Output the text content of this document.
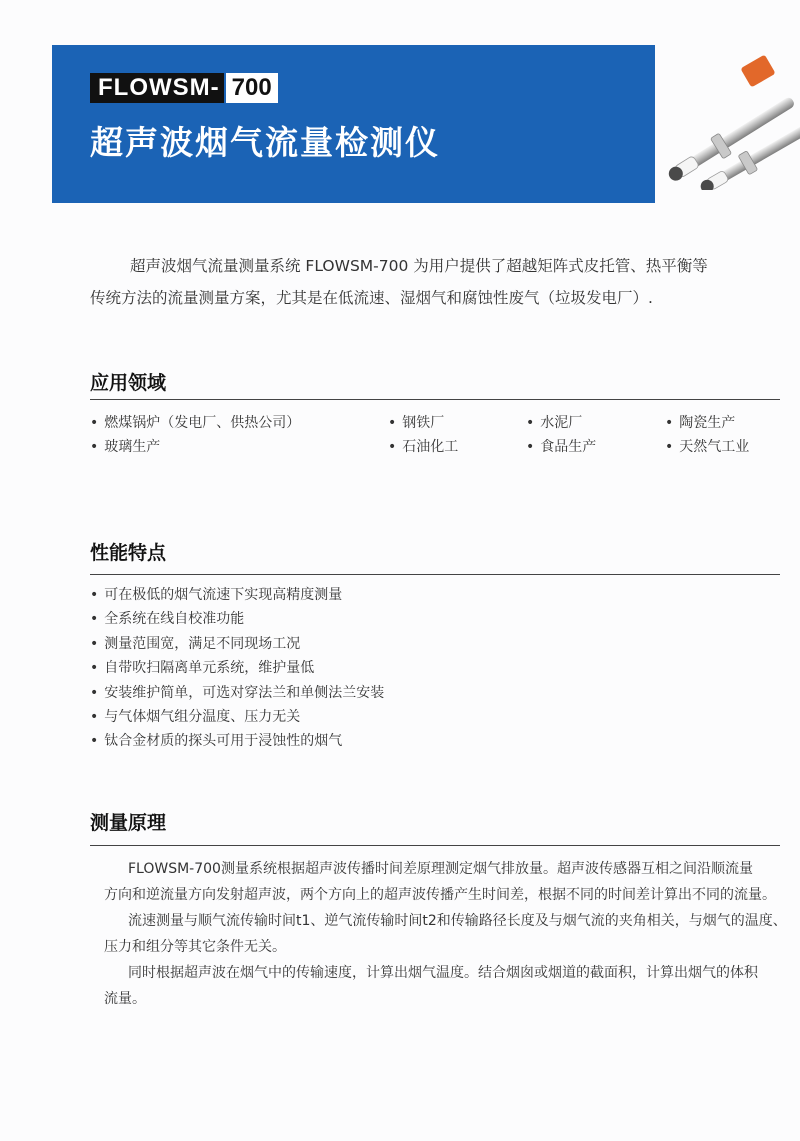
FLOWSM- 700
超声波烟气流量检测仪

超声波烟气流量测量系统 FLOWSM-700 为用户提供了超越矩阵式皮托管、热平衡等

传统方法的流量测量方案，尤其是在低流速、湿烟气和腐蚀性废气（垃圾发电厂）.

应用领域
• 燃煤锅炉（发电厂、供热公司）	• 钢铁厂	• 水泥厂	• 陶瓷生产
• 玻璃生产	• 石油化工	• 食品生产	• 天然气工业
性能特点
• 可在极低的烟气流速下实现高精度测量
• 全系统在线自校准功能
• 测量范围宽，满足不同现场工况
• 自带吹扫隔离单元系统，维护量低
• 安装维护简单，可选对穿法兰和单侧法兰安装
• 与气体烟气组分温度、压力无关
• 钛合金材质的探头可用于浸蚀性的烟气
测量原理

FLOWSM-700测量系统根据超声波传播时间差原理测定烟气排放量。超声波传感器互相之间沿顺流量

方向和逆流量方向发射超声波，两个方向上的超声波传播产生时间差，根据不同的时间差计算出不同的流量。

流速测量与顺气流传输时间t1、逆气流传输时间t2和传输路径长度及与烟气流的夹角相关，与烟气的温度、

压力和组分等其它条件无关。

同时根据超声波在烟气中的传输速度，计算出烟气温度。结合烟囱或烟道的截面积，计算出烟气的体积

流量。
